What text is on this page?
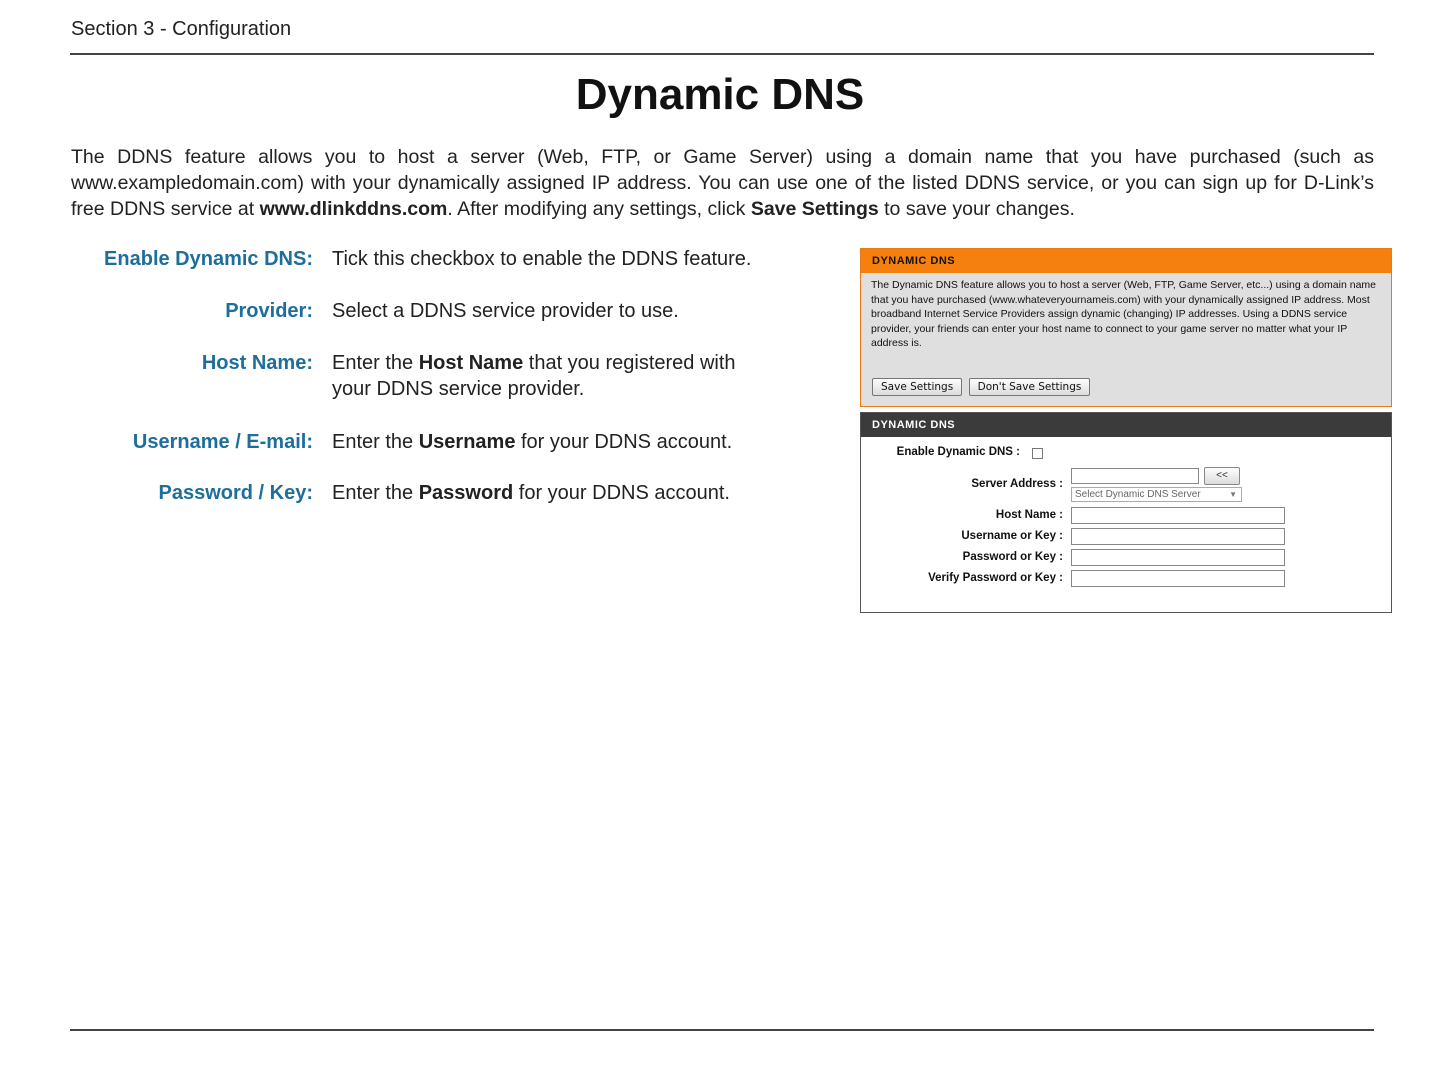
Section 3 - Configuration
Dynamic DNS
The DDNS feature allows you to host a server (Web, FTP, or Game Server) using a domain name that you have purchased (such as www.exampledomain.com) with your dynamically assigned IP address. You can use one of the listed DDNS service, or you can sign up for D-Link’s free DDNS service at www.dlinkddns.com. After modifying any settings, click Save Settings to save your changes.
Enable Dynamic DNS: Tick this checkbox to enable the DDNS feature.
Provider: Select a DDNS service provider to use.
Host Name: Enter the Host Name that you registered with your DDNS service provider.
Username / E-mail: Enter the Username for your DDNS account.
Password / Key: Enter the Password for your DDNS account.
DYNAMIC DNS
The Dynamic DNS feature allows you to host a server (Web, FTP, Game Server, etc...) using a domain name that you have purchased (www.whateveryournameis.com) with your dynamically assigned IP address. Most broadband Internet Service Providers assign dynamic (changing) IP addresses. Using a DDNS service provider, your friends can enter your host name to connect to your game server no matter what your IP address is.
Save Settings Don't Save Settings
DYNAMIC DNS
Enable Dynamic DNS :
Server Address :
<<
Select Dynamic DNS Server	▼
Host Name :
Username or Key :
Password or Key :
Verify Password or Key :
